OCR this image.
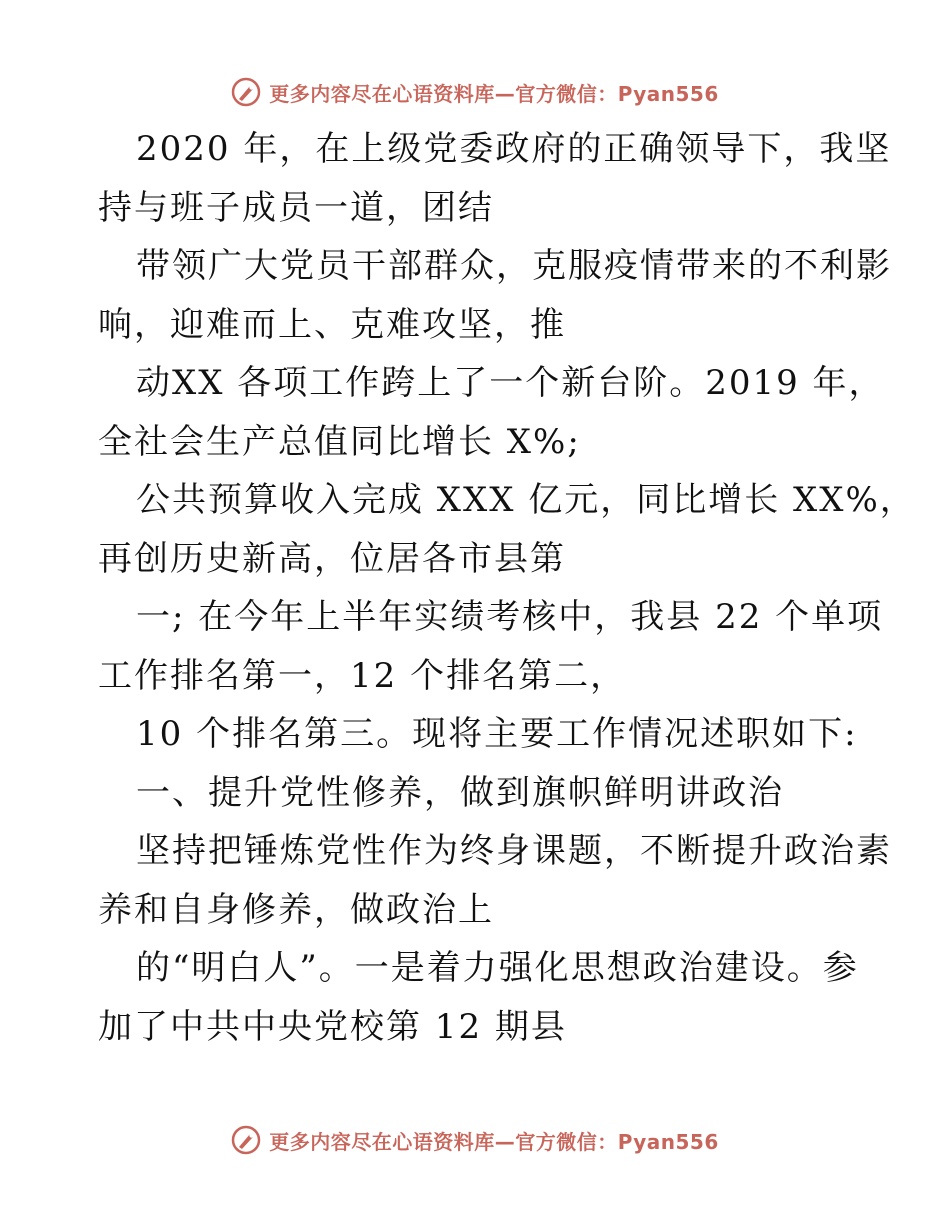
更多内容尽在心语资料库—官方微信：Pyan556
2020 年，在上级党委政府的正确领导下，我坚
持与班子成员一道，团结
带领广大党员干部群众，克服疫情带来的不利影
响，迎难而上、克难攻坚，推
动XX 各项工作跨上了一个新台阶。2019 年，
全社会生产总值同比增长 X%;
公共预算收入完成 XXX 亿元，同比增长 XX%，
再创历史新高，位居各市县第
一; 在今年上半年实绩考核中，我县 22 个单项
工作排名第一，12 个排名第二，
10 个排名第三。现将主要工作情况述职如下:
一、提升党性修养，做到旗帜鲜明讲政治
坚持把锤炼党性作为终身课题，不断提升政治素
养和自身修养，做政治上
的“明白人”。一是着力强化思想政治建设。参
加了中共中央党校第 12 期县
更多内容尽在心语资料库—官方微信：Pyan556
